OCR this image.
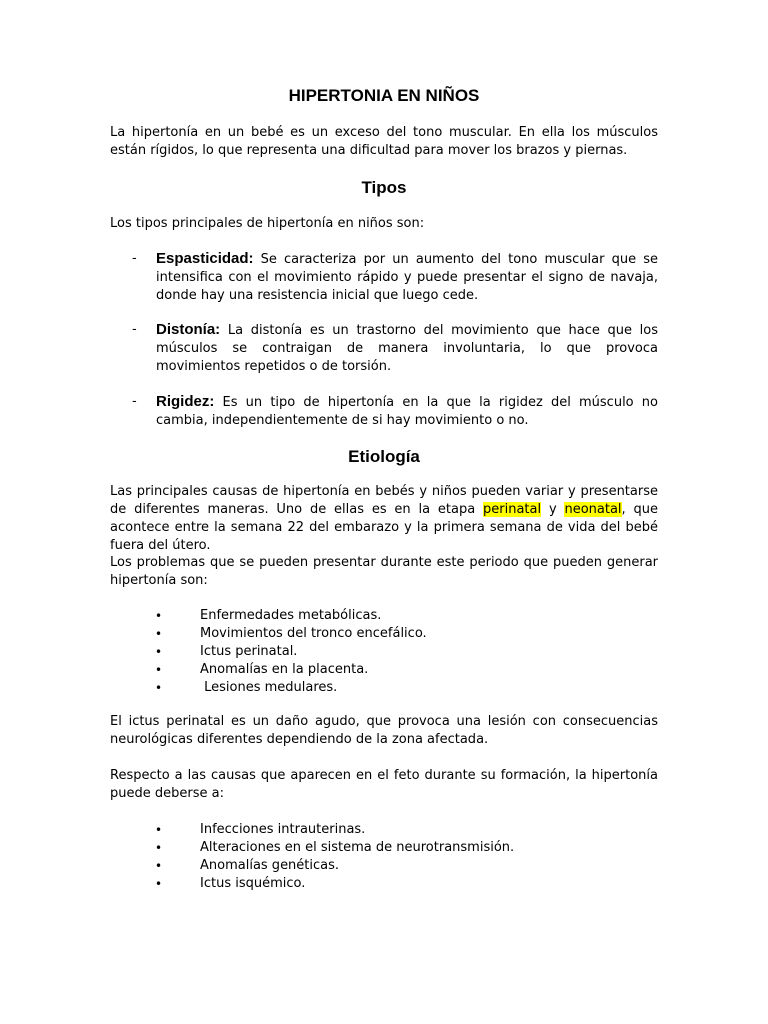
HIPERTONIA EN NIÑOS

La hipertonía en un bebé es un exceso del tono muscular. En ella los músculos están rígidos, lo que representa una dificultad para mover los brazos y piernas.

Tipos

Los tipos principales de hipertonía en niños son:

- Espasticidad: Se caracteriza por un aumento del tono muscular que se intensifica con el movimiento rápido y puede presentar el signo de navaja, donde hay una resistencia inicial que luego cede.
- Distonía: La distonía es un trastorno del movimiento que hace que los músculos se contraigan de manera involuntaria, lo que provoca movimientos repetidos o de torsión.
- Rigidez: Es un tipo de hipertonía en la que la rigidez del músculo no cambia, independientemente de si hay movimiento o no.
Etiología

Las principales causas de hipertonía en bebés y niños pueden variar y presentarse de diferentes maneras. Uno de ellas es en la etapa perinatal y neonatal, que acontece entre la semana 22 del embarazo y la primera semana de vida del bebé fuera del útero.

Los problemas que se pueden presentar durante este periodo que pueden generar hipertonía son:

•	Enfermedades metabólicas.
•	Movimientos del tronco encefálico.
•	Ictus perinatal.
•	Anomalías en la placenta.
•	Lesiones medulares.

El ictus perinatal es un daño agudo, que provoca una lesión con consecuencias neurológicas diferentes dependiendo de la zona afectada.

Respecto a las causas que aparecen en el feto durante su formación, la hipertonía puede deberse a:

•	Infecciones intrauterinas.
•	Alteraciones en el sistema de neurotransmisión.
•	Anomalías genéticas.
•	Ictus isquémico.
